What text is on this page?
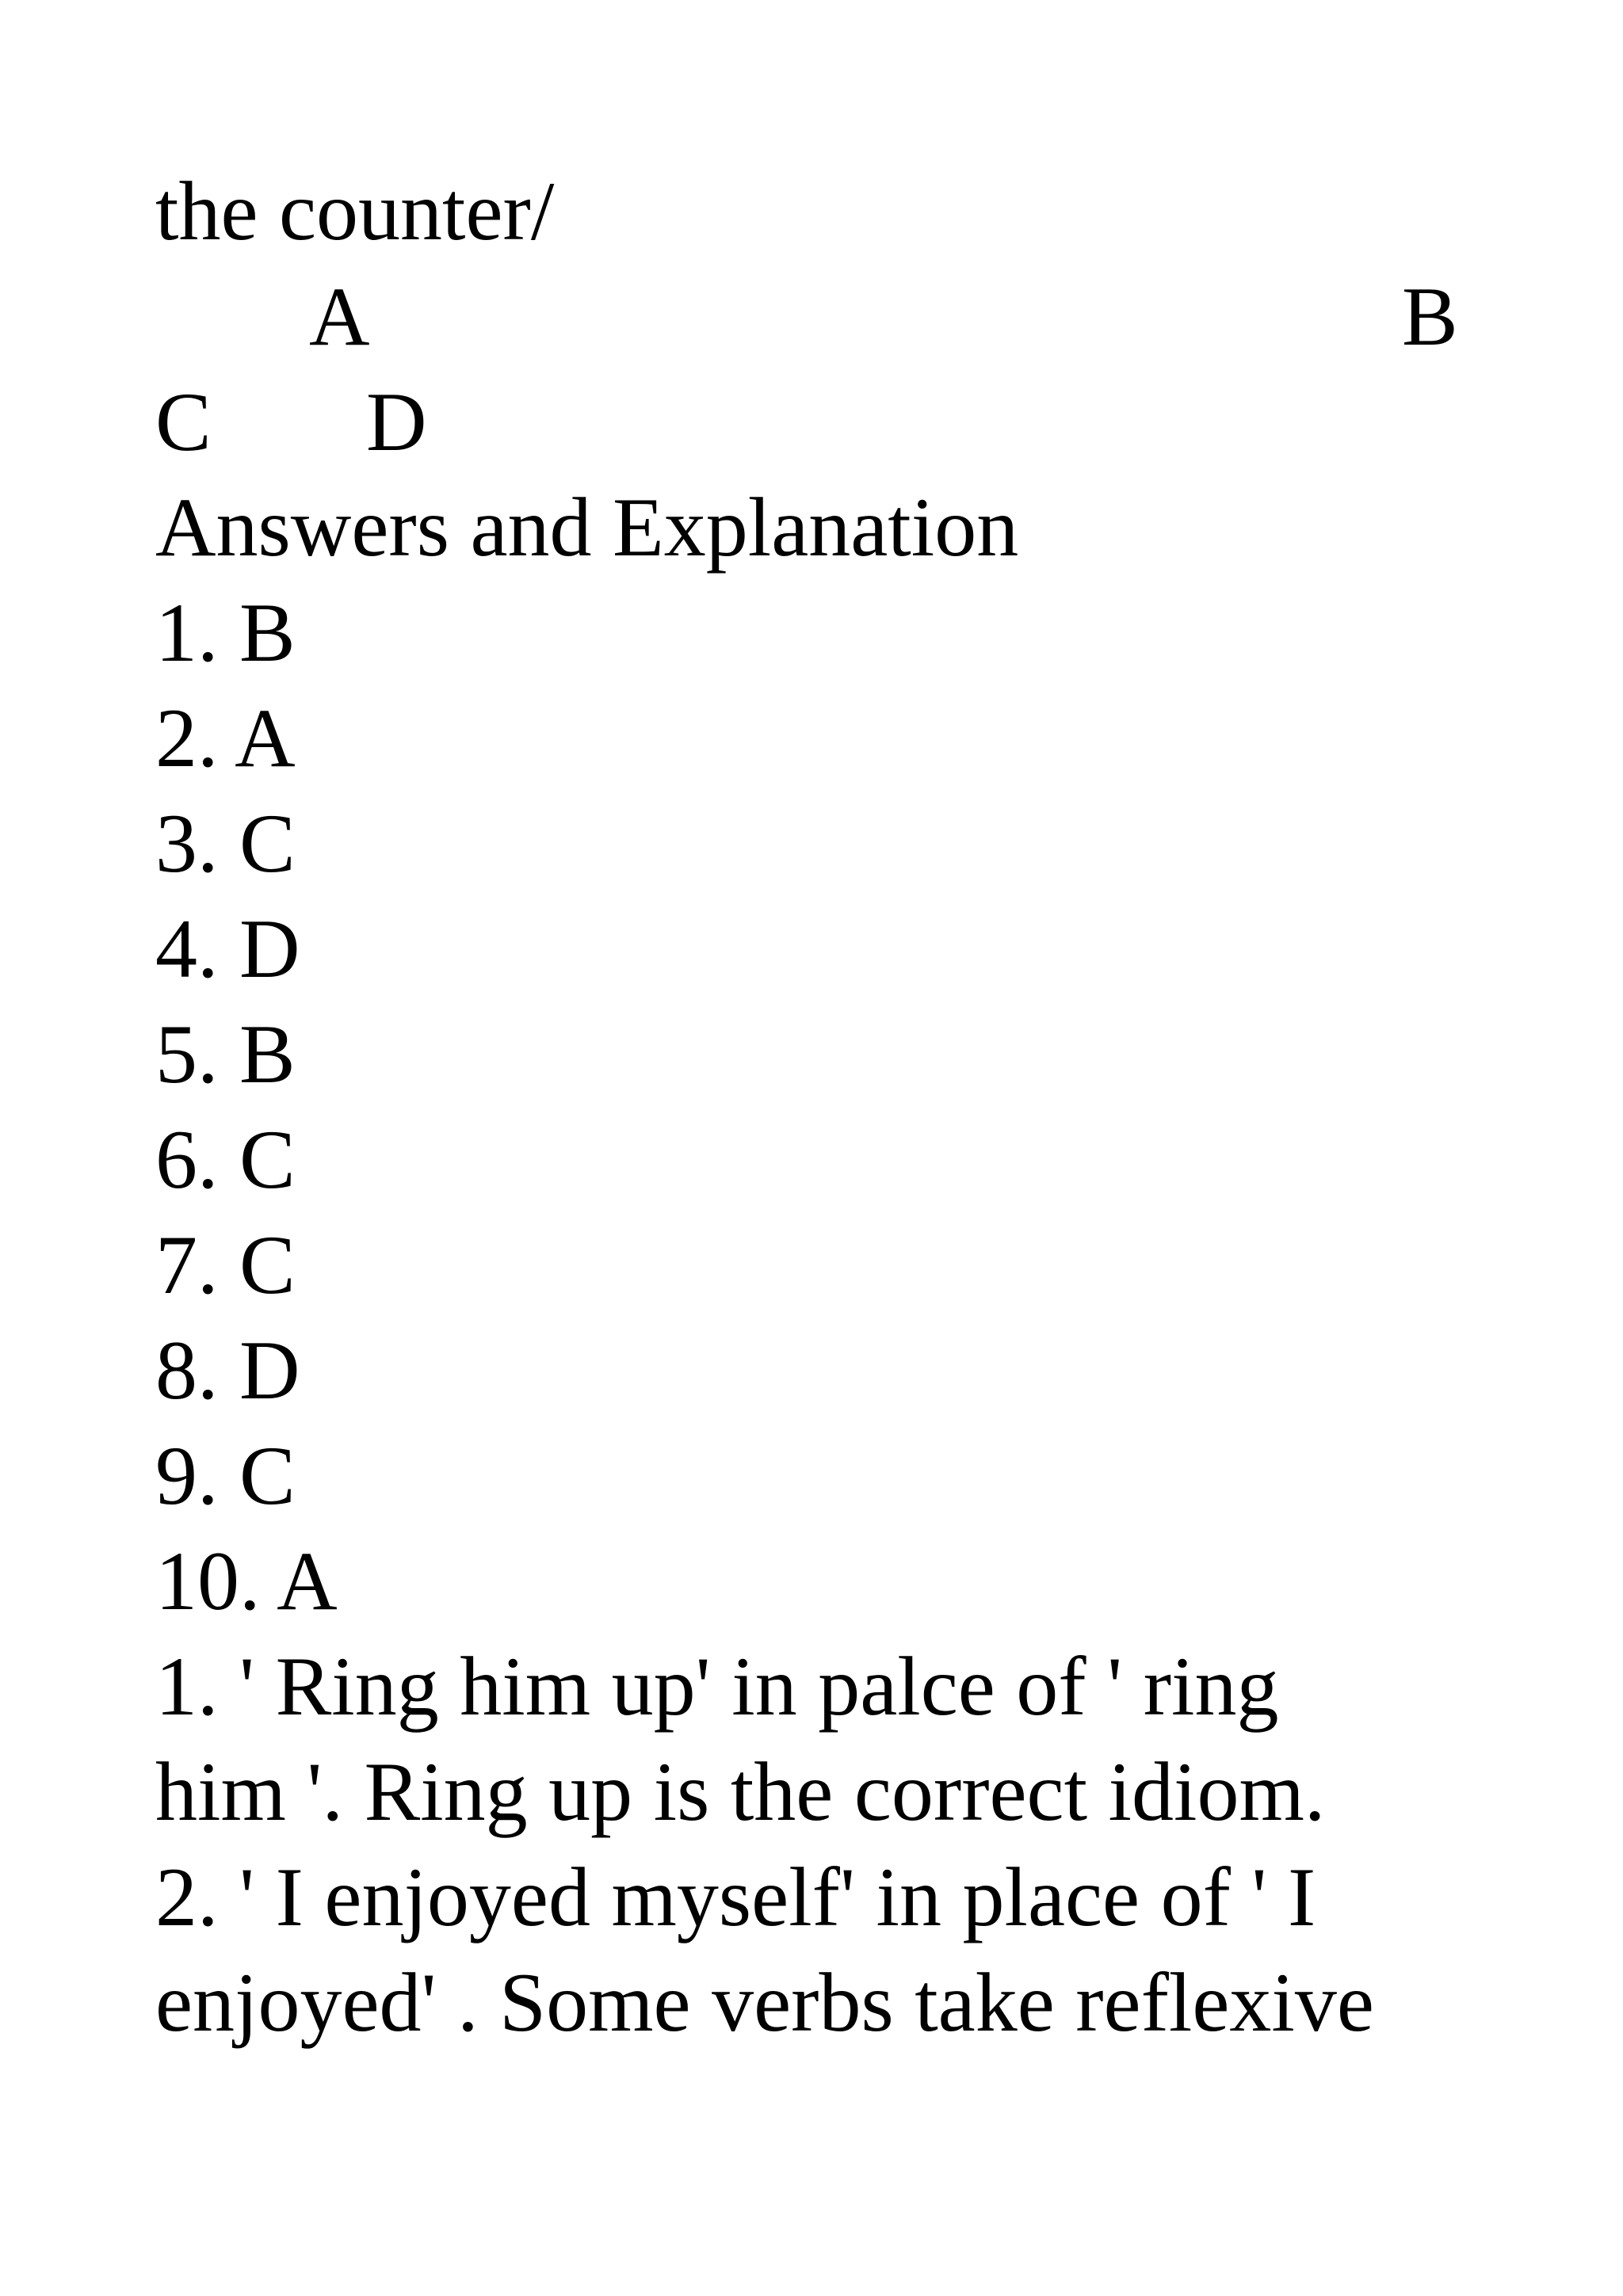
the counter/
A	B
C D
Answers and Explanation
1. B
2. A
3. C
4. D
5. B
6. C
7. C
8. D
9. C
10. A
1. ' Ring him up' in palce of ' ring
him '. Ring up is the correct idiom.
2. ' I enjoyed myself' in place of ' I
enjoyed' . Some verbs take reflexive
